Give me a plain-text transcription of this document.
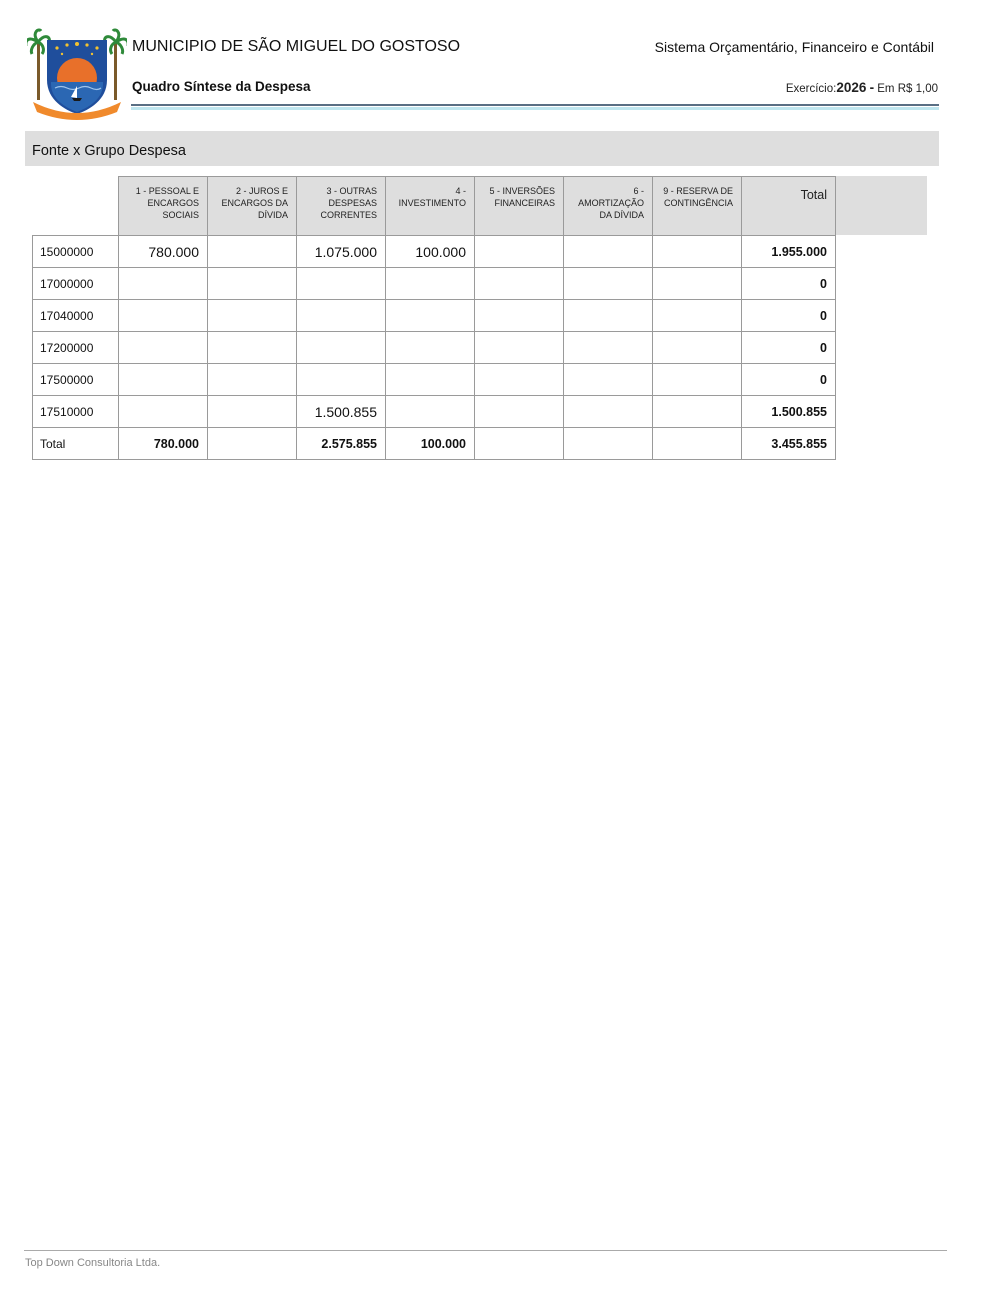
MUNICIPIO DE SÃO MIGUEL DO GOSTOSO	Sistema Orçamentário, Financeiro e Contábil
Quadro Síntese da Despesa	Exercício:2026 - Em R$ 1,00
Fonte x Grupo Despesa
	1 - PESSOAL E ENCARGOS SOCIAIS	2 - JUROS E ENCARGOS DA DÍVIDA	3 - OUTRAS DESPESAS CORRENTES	4 - INVESTIMENTO	5 - INVERSÕES FINANCEIRAS	6 - AMORTIZAÇÃO DA DÍVIDA	9 - RESERVA DE CONTINGÊNCIA	Total
15000000	780.000		1.075.000	100.000				1.955.000
17000000								0
17040000								0
17200000								0
17500000								0
17510000			1.500.855					1.500.855
Total	780.000		2.575.855	100.000				3.455.855
Top Down Consultoria Ltda.
